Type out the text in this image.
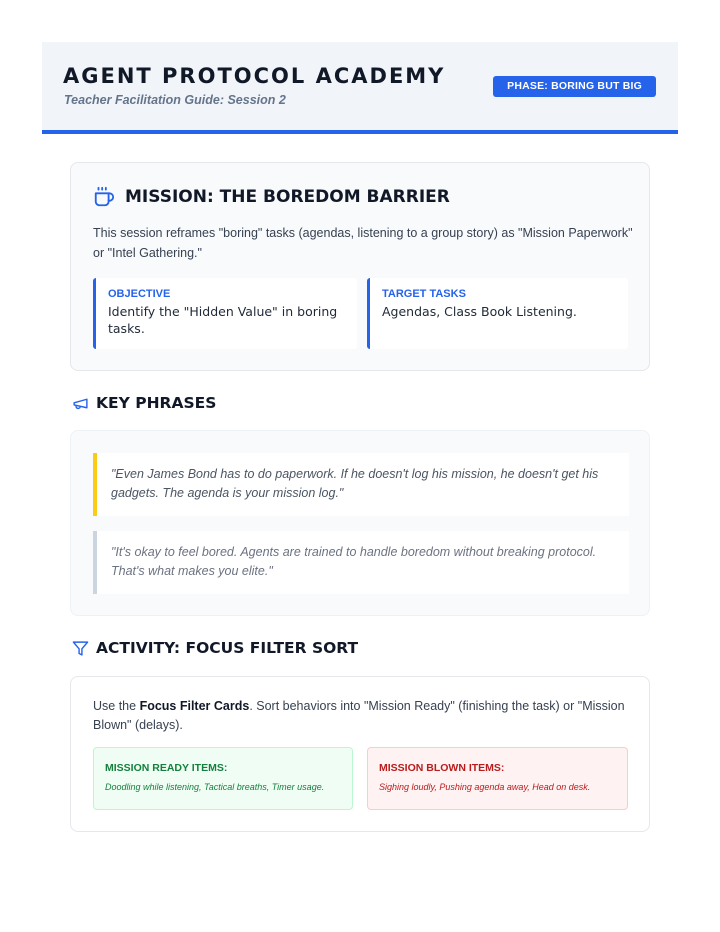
AGENT PROTOCOL ACADEMY
Teacher Facilitation Guide: Session 2
PHASE: BORING BUT BIG
MISSION: THE BOREDOM BARRIER
This session reframes "boring" tasks (agendas, listening to a group story) as "Mission Paperwork" or "Intel Gathering."
OBJECTIVE
Identify the "Hidden Value" in boring tasks.
TARGET TASKS
Agendas, Class Book Listening.
KEY PHRASES
"Even James Bond has to do paperwork. If he doesn't log his mission, he doesn't get his gadgets. The agenda is your mission log."
"It's okay to feel bored. Agents are trained to handle boredom without breaking protocol. That's what makes you elite."
ACTIVITY: FOCUS FILTER SORT
Use the Focus Filter Cards. Sort behaviors into "Mission Ready" (finishing the task) or "Mission Blown" (delays).
MISSION READY ITEMS:
Doodling while listening, Tactical breaths, Timer usage.
MISSION BLOWN ITEMS:
Sighing loudly, Pushing agenda away, Head on desk.
